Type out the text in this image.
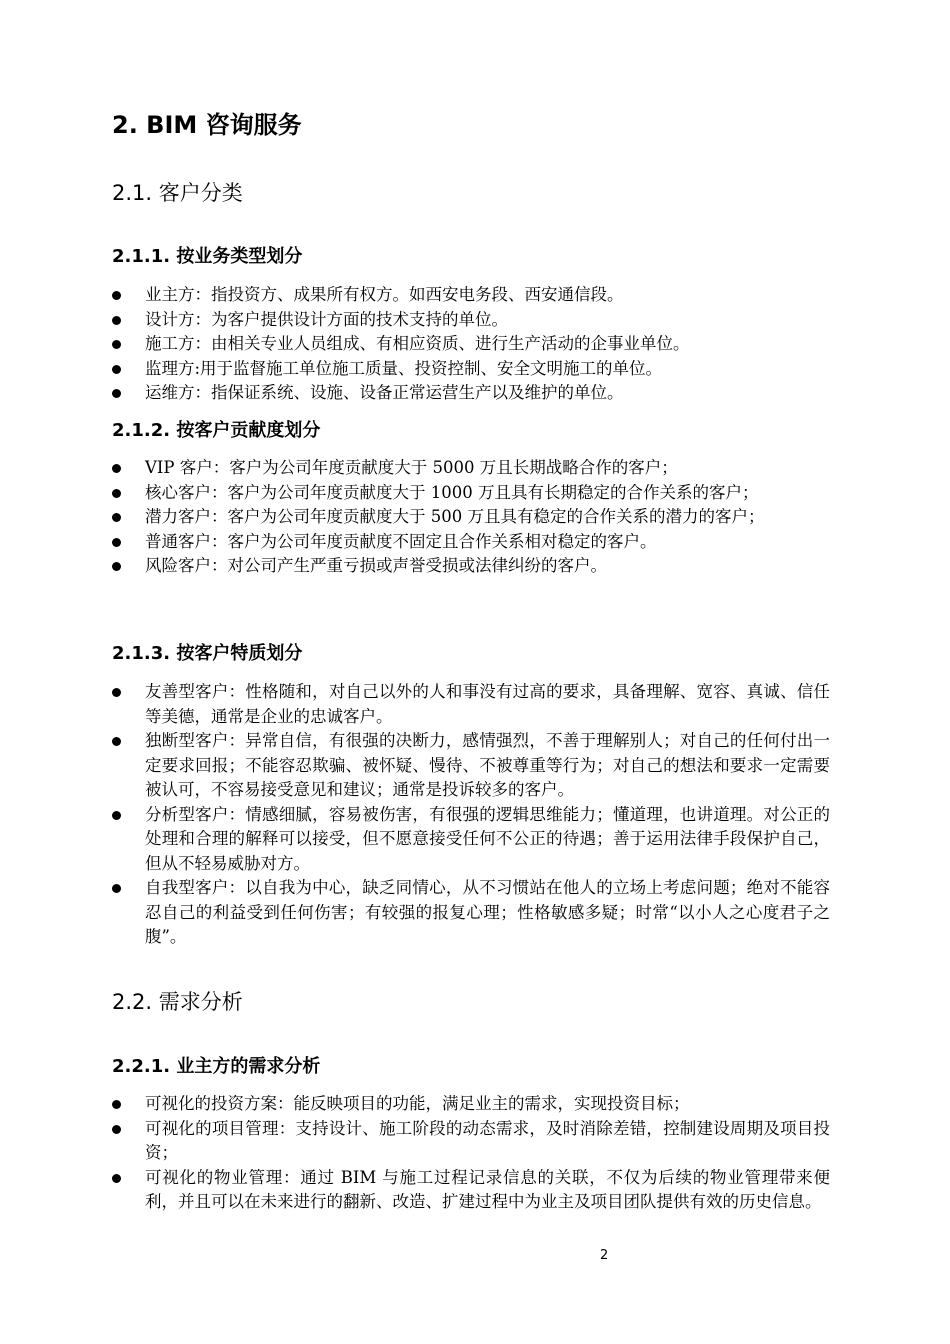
2. BIM 咨询服务
2.1. 客户分类
2.1.1. 按业务类型划分
业主方：指投资方、成果所有权方。如西安电务段、西安通信段。
设计方：为客户提供设计方面的技术支持的单位。
施工方：由相关专业人员组成、有相应资质、进行生产活动的企事业单位。
监理方:用于监督施工单位施工质量、投资控制、安全文明施工的单位。
运维方：指保证系统、设施、设备正常运营生产以及维护的单位。
2.1.2. 按客户贡献度划分
VIP 客户：客户为公司年度贡献度大于 5000 万且长期战略合作的客户；
核心客户：客户为公司年度贡献度大于 1000 万且具有长期稳定的合作关系的客户；
潜力客户：客户为公司年度贡献度大于 500 万且具有稳定的合作关系的潜力的客户；
普通客户：客户为公司年度贡献度不固定且合作关系相对稳定的客户。
风险客户：对公司产生严重亏损或声誉受损或法律纠纷的客户。
2.1.3. 按客户特质划分
友善型客户：性格随和，对自己以外的人和事没有过高的要求，具备理解、宽容、真诚、信任等美德，通常是企业的忠诚客户。
独断型客户：异常自信，有很强的决断力，感情强烈，不善于理解别人；对自己的任何付出一定要求回报；不能容忍欺骗、被怀疑、慢待、不被尊重等行为；对自己的想法和要求一定需要被认可，不容易接受意见和建议；通常是投诉较多的客户。
分析型客户：情感细腻，容易被伤害，有很强的逻辑思维能力；懂道理，也讲道理。对公正的处理和合理的解释可以接受，但不愿意接受任何不公正的待遇；善于运用法律手段保护自己，但从不轻易威胁对方。
自我型客户：以自我为中心，缺乏同情心，从不习惯站在他人的立场上考虑问题；绝对不能容忍自己的利益受到任何伤害；有较强的报复心理；性格敏感多疑；时常“以小人之心度君子之腹”。
2.2. 需求分析
2.2.1. 业主方的需求分析
可视化的投资方案：能反映项目的功能，满足业主的需求，实现投资目标；
可视化的项目管理：支持设计、施工阶段的动态需求，及时消除差错，控制建设周期及项目投资；
可视化的物业管理：通过 BIM 与施工过程记录信息的关联，不仅为后续的物业管理带来便利，并且可以在未来进行的翻新、改造、扩建过程中为业主及项目团队提供有效的历史信息。
2
